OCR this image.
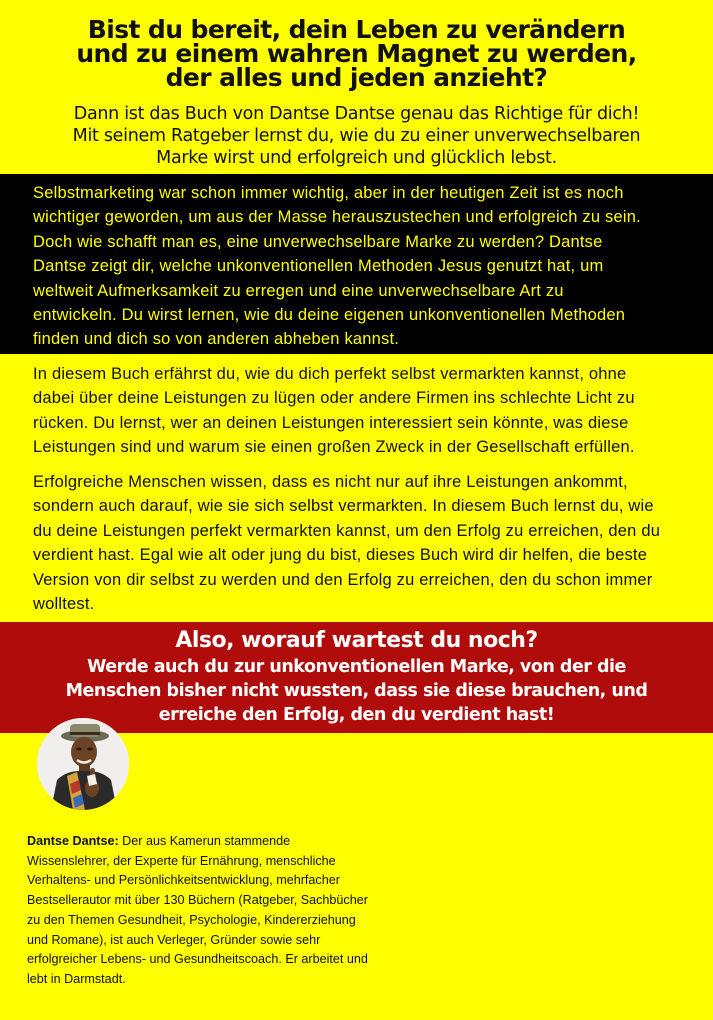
Bist du bereit, dein Leben zu verändern
und zu einem wahren Magnet zu werden,
der alles und jeden anzieht?
Dann ist das Buch von Dantse Dantse genau das Richtige für dich!
Mit seinem Ratgeber lernst du, wie du zu einer unverwechselbaren
Marke wirst und erfolgreich und glücklich lebst.
Selbstmarketing war schon immer wichtig, aber in der heutigen Zeit ist es noch
wichtiger geworden, um aus der Masse herauszustechen und erfolgreich zu sein.
Doch wie schafft man es, eine unverwechselbare Marke zu werden? Dantse
Dantse zeigt dir, welche unkonventionellen Methoden Jesus genutzt hat, um
weltweit Aufmerksamkeit zu erregen und eine unverwechselbare Art zu
entwickeln. Du wirst lernen, wie du deine eigenen unkonventionellen Methoden
finden und dich so von anderen abheben kannst.
In diesem Buch erfährst du, wie du dich perfekt selbst vermarkten kannst, ohne
dabei über deine Leistungen zu lügen oder andere Firmen ins schlechte Licht zu
rücken. Du lernst, wer an deinen Leistungen interessiert sein könnte, was diese
Leistungen sind und warum sie einen großen Zweck in der Gesellschaft erfüllen.
Erfolgreiche Menschen wissen, dass es nicht nur auf ihre Leistungen ankommt,
sondern auch darauf, wie sie sich selbst vermarkten. In diesem Buch lernst du, wie
du deine Leistungen perfekt vermarkten kannst, um den Erfolg zu erreichen, den du
verdient hast. Egal wie alt oder jung du bist, dieses Buch wird dir helfen, die beste
Version von dir selbst zu werden und den Erfolg zu erreichen, den du schon immer
wolltest.
Also, worauf wartest du noch?
Werde auch du zur unkonventionellen Marke, von der die
Menschen bisher nicht wussten, dass sie diese brauchen, und
erreiche den Erfolg, den du verdient hast!
Dantse Dantse: Der aus Kamerun stammende
Wissenslehrer, der Experte für Ernährung, menschliche
Verhaltens- und Persönlichkeitsentwicklung, mehrfacher
Bestsellerautor mit über 130 Büchern (Ratgeber, Sachbücher
zu den Themen Gesundheit, Psychologie, Kindererziehung
und Romane), ist auch Verleger, Gründer sowie sehr
erfolgreicher Lebens- und Gesundheitscoach. Er arbeitet und
lebt in Darmstadt.
